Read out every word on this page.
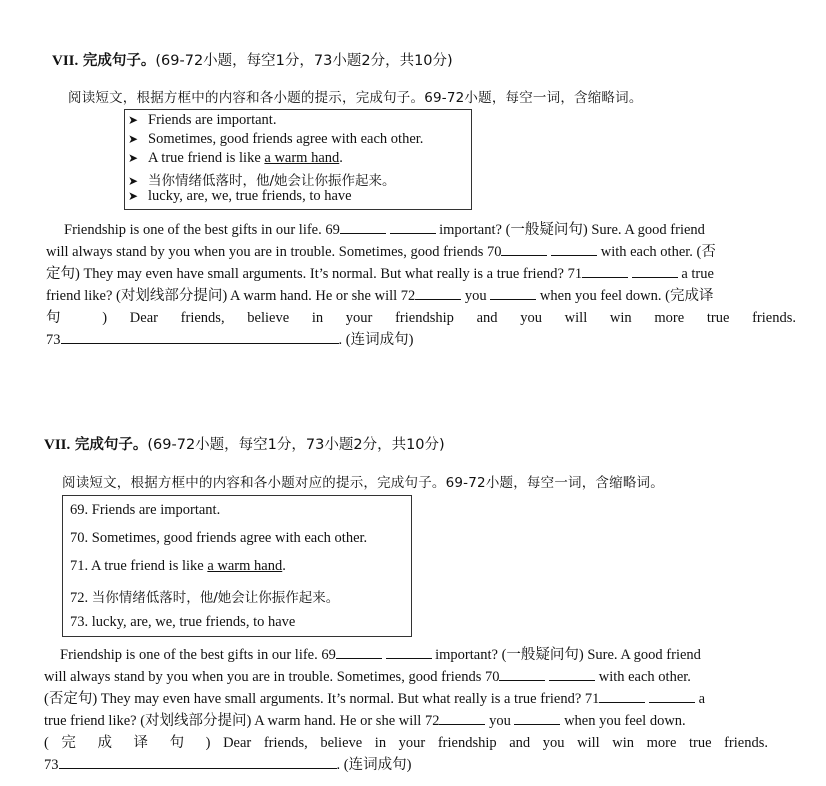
VII. 完成句子。(69-72小题，每空1分，73小题2分，共10分)
阅读短文，根据方框中的内容和各小题的提示，完成句子。69-72小题，每空一词，含缩略词。
➤ Friends are important.
➤ Sometimes, good friends agree with each other.
➤ A true friend is like a warm hand.
➤ 当你情绪低落时，他/她会让你振作起来。
➤ lucky, are, we, true friends, to have
Friendship is one of the best gifts in our life. 69	important? (一般疑问句) Sure. A good friend
will always stand by you when you are in trouble. Sometimes, good friends 70	with each other. (否
定句) They may even have small arguments. It’s normal. But what really is a true friend? 71	a true
friend like? (对划线部分提问) A warm hand. He or she will 72	you	when you feel down. (完成译
句 ) Dear friends, believe in your friendship and you will win more true friends.
73	. (连词成句)
VII. 完成句子。(69-72小题，每空1分，73小题2分，共10分)
阅读短文，根据方框中的内容和各小题对应的提示，完成句子。69-72小题，每空一词，含缩略词。
69. Friends are important.
70. Sometimes, good friends agree with each other.
71. A true friend is like a warm hand.
72. 当你情绪低落时，他/她会让你振作起来。
73. lucky, are, we, true friends, to have
Friendship is one of the best gifts in our life. 69	important? (一般疑问句) Sure. A good friend
will always stand by you when you are in trouble. Sometimes, good friends 70	with each other.
(否定句) They may even have small arguments. It’s normal. But what really is a true friend? 71	a
true friend like? (对划线部分提问) A warm hand. He or she will 72	you	when you feel down.
( 完 成 译 句 ) Dear friends, believe in your friendship and you will win more true friends.
73	. (连词成句)
